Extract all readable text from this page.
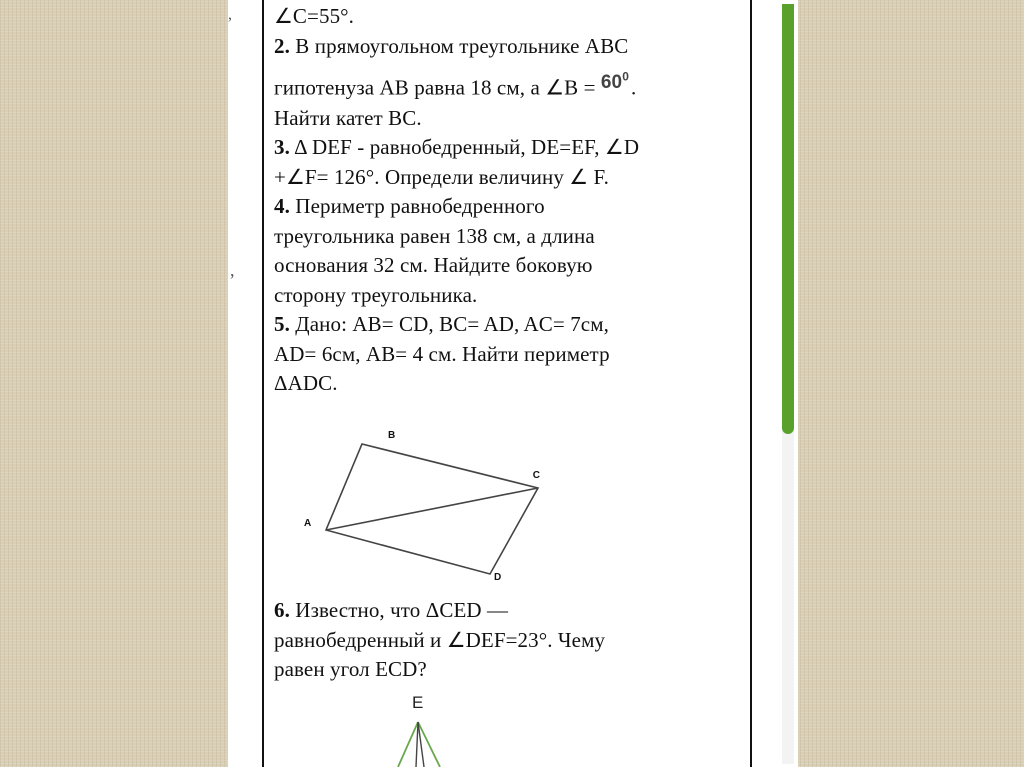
,
,

∠C=55°.

2. В прямоугольном треугольнике АВС

гипотенуза АВ равна 18 см, а ∠В = $60^0$.

Найти катет ВС.

3. Δ DEF - равнобедренный, DE=EF, ∠D

+∠F= 126°. Определи величину ∠ F.

4. Периметр равнобедренного

треугольника равен 138 см, а длина

основания 32 см. Найдите боковую

сторону треугольника.

5. Дано: AB= CD, BC= AD, AC= 7см,

AD= 6см, AB= 4 см. Найти периметр

ΔADC.

B
C
A
D

6. Известно, что ΔCED —

равнобедренный и ∠DEF=23°. Чему

равен угол ECD?

E
